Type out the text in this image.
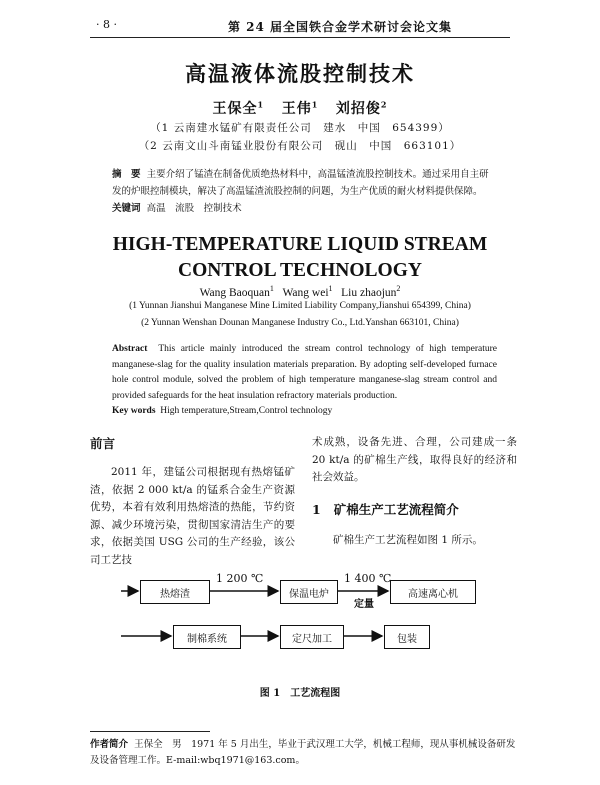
· 8 ·	第 24 届全国铁合金学术研讨会论文集
高温液体流股控制技术
王保全$^1$ 王伟$^1$ 刘招俊$^2$
（1 云南建水锰矿有限责任公司　建水　中国　654399）
（2 云南文山斗南锰业股份有限公司　砚山　中国　663101）
摘　要 主要介绍了锰渣在制备优质绝热材料中，高温锰渣流股控制技术。通过采用自主研发的炉眼控制模块，解决了高温锰渣流股控制的问题，为生产优质的耐火材料提供保障。
关键词 高温　流股　控制技术
HIGH-TEMPERATURE LIQUID STREAM
CONTROL TECHNOLOGY
Wang Baoquan$^1$ Wang wei$^1$ Liu zhaojun$^2$
(1 Yunnan Jianshui Manganese Mine Limited Liability Company,Jianshui 654399, China)
(2 Yunnan Wenshan Dounan Manganese Industry Co., Ltd.Yanshan 663101, China)
Abstract This article mainly introduced the stream control technology of high temperature manganese-slag for the quality insulation materials preparation. By adopting self-developed furnace hole control module, solved the problem of high temperature manganese-slag stream control and provided safeguards for the heat insulation refractory materials production.
Key words High temperature,Stream,Control technology
前言
2011 年，建锰公司根据现有热熔锰矿渣，依据 2 000 kt/a 的锰系合金生产资源优势，本着有效利用热熔渣的热能，节约资源、减少环境污染，贯彻国家清洁生产的要求，依据美国 USG 公司的生产经验，该公司工艺技
术成熟，设备先进、合理，公司建成一条 20 kt/a 的矿棉生产线，取得良好的经济和社会效益。
1 矿棉生产工艺流程简介
矿棉生产工艺流程如图 1 所示。
热熔渣	保温电炉	高速离心机
制棉系统	定尺加工	包装
1 200 ℃	1 400 ℃
定量
图 1　工艺流程图
作者简介 王保全　男　1971 年 5 月出生，毕业于武汉理工大学，机械工程师，现从事机械设备研发及设备管理工作。E-mail:wbq1971@163.com。
